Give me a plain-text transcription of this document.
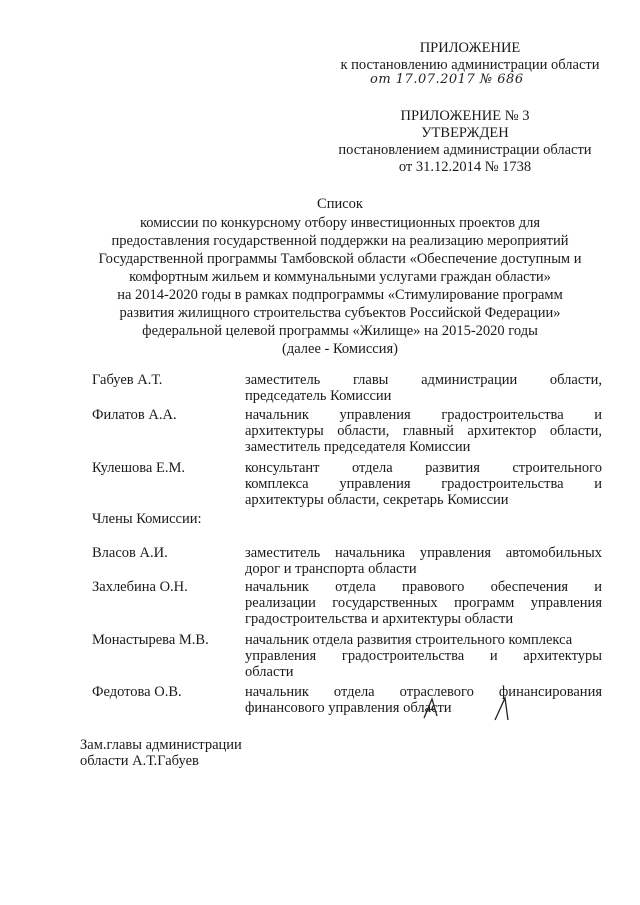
ПРИЛОЖЕНИЕ
к постановлению администрации области
от 17.07.2017 № 686
ПРИЛОЖЕНИЕ № 3
УТВЕРЖДЕН
постановлением администрации области
от 31.12.2014 № 1738
Список
комиссии по конкурсному отбору инвестиционных проектов для
предоставления государственной поддержки на реализацию мероприятий
Государственной программы Тамбовской области «Обеспечение доступным и
комфортным жильем и коммунальными услугами граждан области»
на 2014-2020 годы в рамках подпрограммы «Стимулирование программ
развития жилищного строительства субъектов Российской Федерации»
федеральной целевой программы «Жилище» на 2015-2020 годы
(далее - Комиссия)
Габуев А.Т.	заместитель главы администрации области,
председатель Комиссии
Филатов А.А.	начальник управления градостроительства и
архитектуры области, главный архитектор области,
заместитель председателя Комиссии
Кулешова Е.М.	консультант отдела развития строительного
комплекса управления градостроительства и
архитектуры области, секретарь Комиссии
Члены Комиссии:
Власов А.И.	заместитель начальника управления автомобильных
дорог и транспорта области
Захлебина О.Н.	начальник отдела правового обеспечения и
реализации государственных программ управления
градостроительства и архитектуры области
Монастырева М.В.	начальник отдела развития строительного комплекса
управления градостроительства и архитектуры
области
Федотова О.В.	начальник отдела отраслевого финансирования
финансового управления области
Зам.главы администрации
области А.Т.Габуев
